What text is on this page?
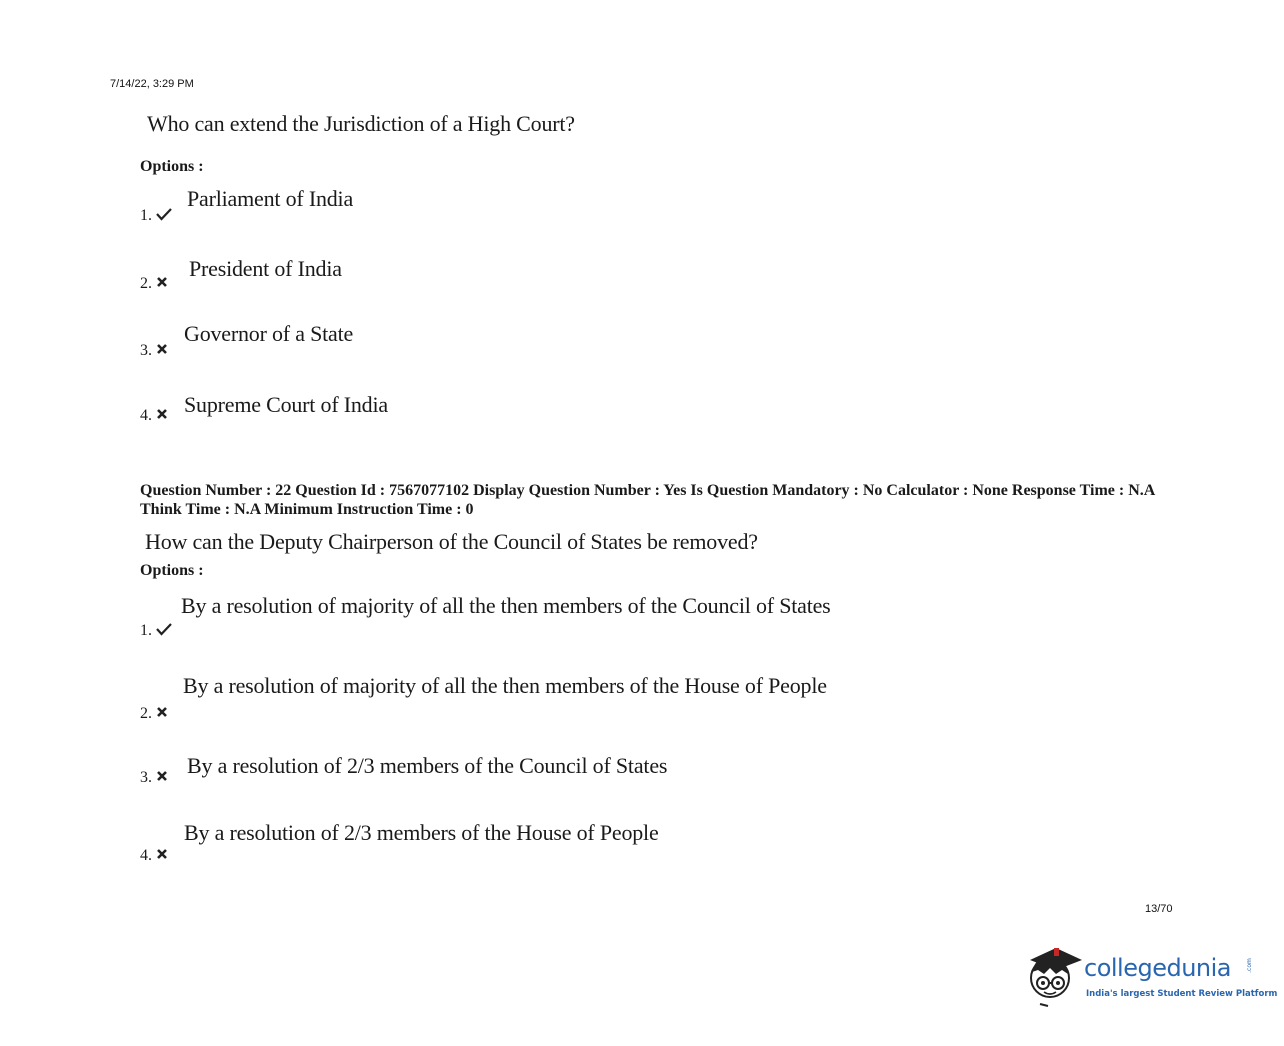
7/14/22, 3:29 PM
Who can extend the Jurisdiction of a High Court?
Options :
Parliament of India
1.
President of India
2.
Governor of a State
3.
Supreme Court of India
4.
Question Number : 22 Question Id : 7567077102 Display Question Number : Yes Is Question Mandatory : No Calculator : None Response Time : N.A Think Time : N.A Minimum Instruction Time : 0
How can the Deputy Chairperson of the Council of States be removed?
Options :
By a resolution of majority of all the then members of the Council of States
1.
By a resolution of majority of all the then members of the House of People
2.
By a resolution of 2/3 members of the Council of States
3.
By a resolution of 2/3 members of the House of People
4.
13/70
collegedunia .com
India's largest Student Review Platform
